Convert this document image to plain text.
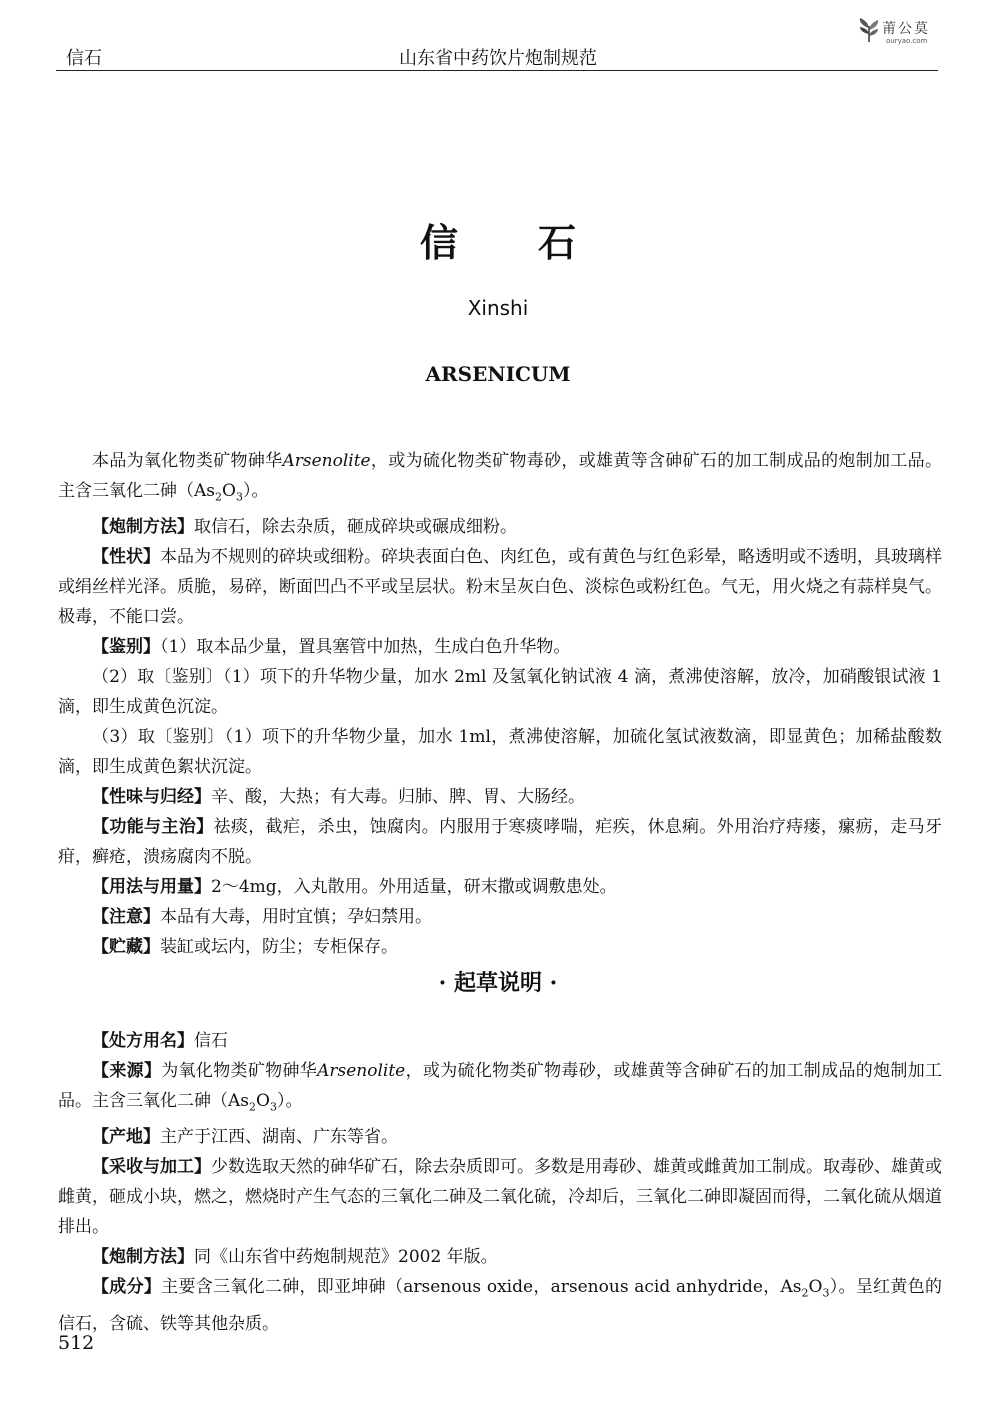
信石	山东省中药饮片炮制规范
莆公莫
ouryao.com
信石
Xinshi
ARSENICUM

本品为氧化物类矿物砷华Arsenolite，或为硫化物类矿物毒砂，或雄黄等含砷矿石的加工制成品的炮制加工品。主含三氧化二砷$(As_2O_3)$。

【炮制方法】取信石，除去杂质，砸成碎块或碾成细粉。

【性状】本品为不规则的碎块或细粉。碎块表面白色、肉红色，或有黄色与红色彩晕，略透明或不透明，具玻璃样或绢丝样光泽。质脆，易碎，断面凹凸不平或呈层状。粉末呈灰白色、淡棕色或粉红色。气无，用火烧之有蒜样臭气。极毒，不能口尝。

【鉴别】（1）取本品少量，置具塞管中加热，生成白色升华物。

（2）取〔鉴别〕（1）项下的升华物少量，加水 2ml 及氢氧化钠试液 4 滴，煮沸使溶解，放冷，加硝酸银试液 1 滴，即生成黄色沉淀。

（3）取〔鉴别〕（1）项下的升华物少量，加水 1ml，煮沸使溶解，加硫化氢试液数滴，即显黄色；加稀盐酸数滴，即生成黄色絮状沉淀。

【性味与归经】辛、酸，大热；有大毒。归肺、脾、胃、大肠经。

【功能与主治】祛痰，截疟，杀虫，蚀腐肉。内服用于寒痰哮喘，疟疾，休息痢。外用治疗痔瘘，瘰疬，走马牙疳，癣疮，溃疡腐肉不脱。

【用法与用量】2～4mg，入丸散用。外用适量，研末撒或调敷患处。

【注意】本品有大毒，用时宜慎；孕妇禁用。

【贮藏】装缸或坛内，防尘；专柜保存。

· 起草说明 ·

【处方用名】信石

【来源】为氧化物类矿物砷华Arsenolite，或为硫化物类矿物毒砂，或雄黄等含砷矿石的加工制成品的炮制加工品。主含三氧化二砷$(As_2O_3)$。

【产地】主产于江西、湖南、广东等省。

【采收与加工】少数选取天然的砷华矿石，除去杂质即可。多数是用毒砂、雄黄或雌黄加工制成。取毒砂、雄黄或雌黄，砸成小块，燃之，燃烧时产生气态的三氧化二砷及二氧化硫，冷却后，三氧化二砷即凝固而得，二氧化硫从烟道排出。

【炮制方法】同《山东省中药炮制规范》2002 年版。

【成分】主要含三氧化二砷，即亚坤砷（arsenous oxide，arsenous acid anhydride，$As_2O_3$）。呈红黄色的信石，含硫、铁等其他杂质。

512
